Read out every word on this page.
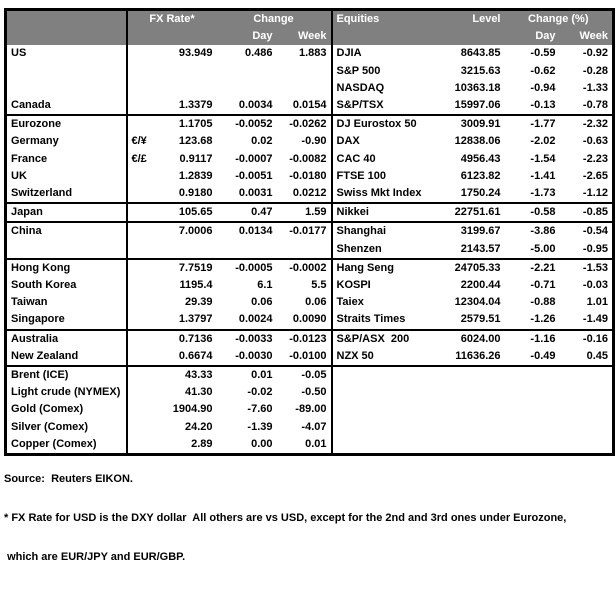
	FX Rate*		Change		Equities	Level	Change (%)	
			Day	Week			Day	Week
US		93.949	0.486	1.883	DJIA	8643.85	-0.59	-0.92
					S&P 500	3215.63	-0.62	-0.28
					NASDAQ	10363.18	-0.94	-1.33
Canada		1.3379	0.0034	0.0154	S&P/TSX	15997.06	-0.13	-0.78
Eurozone		1.1705	-0.0052	-0.0262	DJ Eurostox 50	3009.91	-1.77	-2.32
Germany	€/¥	123.68	0.02	-0.90	DAX	12838.06	-2.02	-0.63
France	€/£	0.9117	-0.0007	-0.0082	CAC 40	4956.43	-1.54	-2.23
UK		1.2839	-0.0051	-0.0180	FTSE 100	6123.82	-1.41	-2.65
Switzerland		0.9180	0.0031	0.0212	Swiss Mkt Index	1750.24	-1.73	-1.12
Japan		105.65	0.47	1.59	Nikkei	22751.61	-0.58	-0.85
China		7.0006	0.0134	-0.0177	Shanghai	3199.67	-3.86	-0.54
					Shenzen	2143.57	-5.00	-0.95
Hong Kong		7.7519	-0.0005	-0.0002	Hang Seng	24705.33	-2.21	-1.53
South Korea		1195.4	6.1	5.5	KOSPI	2200.44	-0.71	-0.03
Taiwan		29.39	0.06	0.06	Taiex	12304.04	-0.88	1.01
Singapore		1.3797	0.0024	0.0090	Straits Times	2579.51	-1.26	-1.49
Australia		0.7136	-0.0033	-0.0123	S&P/ASX  200	6024.00	-1.16	-0.16
New Zealand		0.6674	-0.0030	-0.0100	NZX 50	11636.26	-0.49	0.45
Brent (ICE)		43.33	0.01	-0.05				
Light crude (NYMEX)		41.30	-0.02	-0.50				
Gold (Comex)		1904.90	-7.60	-89.00				
Silver (Comex)		24.20	-1.39	-4.07				
Copper (Comex)		2.89	0.00	0.01				

Source:  Reuters EIKON.

* FX Rate for USD is the DXY dollar  All others are vs USD, except for the 2nd and 3rd ones under Eurozone,

which are EUR/JPY and EUR/GBP.
